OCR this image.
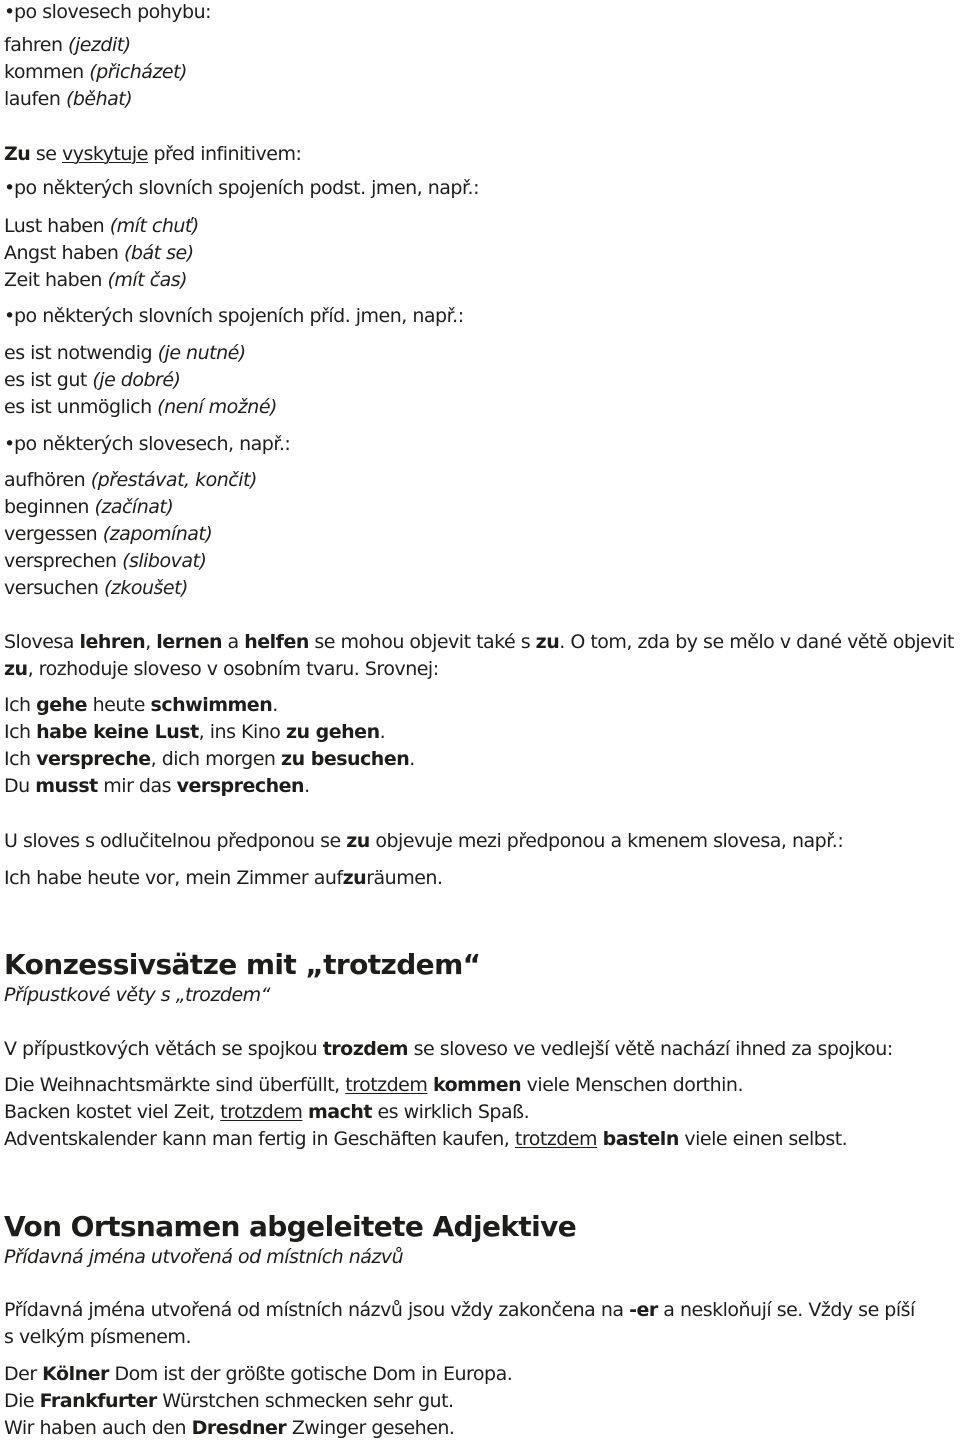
•po slovesech pohybu:
fahren (jezdit)
kommen (přicházet)
laufen (běhat)
Zu se vyskytuje před infinitivem:
•po některých slovních spojeních podst. jmen, např.:
Lust haben (mít chuť)
Angst haben (bát se)
Zeit haben (mít čas)
•po některých slovních spojeních příd. jmen, např.:
es ist notwendig (je nutné)
es ist gut (je dobré)
es ist unmöglich (není možné)
•po některých slovesech, např.:
aufhören (přestávat, končit)
beginnen (začínat)
vergessen (zapomínat)
versprechen (slibovat)
versuchen (zkoušet)
Slovesa lehren, lernen a helfen se mohou objevit také s zu. O tom, zda by se mělo v dané větě objevit
zu, rozhoduje sloveso v osobním tvaru. Srovnej:
Ich gehe heute schwimmen.
Ich habe keine Lust, ins Kino zu gehen.
Ich verspreche, dich morgen zu besuchen.
Du musst mir das versprechen.
U sloves s odlučitelnou předponou se zu objevuje mezi předponou a kmenem slovesa, např.:
Ich habe heute vor, mein Zimmer aufzuräumen.
Konzessivsätze mit „trotzdem“
Přípustkové věty s „trozdem“
V přípustkových větách se spojkou trozdem se sloveso ve vedlejší větě nachází ihned za spojkou:
Die Weihnachtsmärkte sind überfüllt, trotzdem kommen viele Menschen dorthin.
Backen kostet viel Zeit, trotzdem macht es wirklich Spaß.
Adventskalender kann man fertig in Geschäften kaufen, trotzdem basteln viele einen selbst.
Von Ortsnamen abgeleitete Adjektive
Přídavná jména utvořená od místních názvů
Přídavná jména utvořená od místních názvů jsou vždy zakončena na -er a neskloňují se. Vždy se píší
s velkým písmenem.
Der Kölner Dom ist der größte gotische Dom in Europa.
Die Frankfurter Würstchen schmecken sehr gut.
Wir haben auch den Dresdner Zwinger gesehen.
